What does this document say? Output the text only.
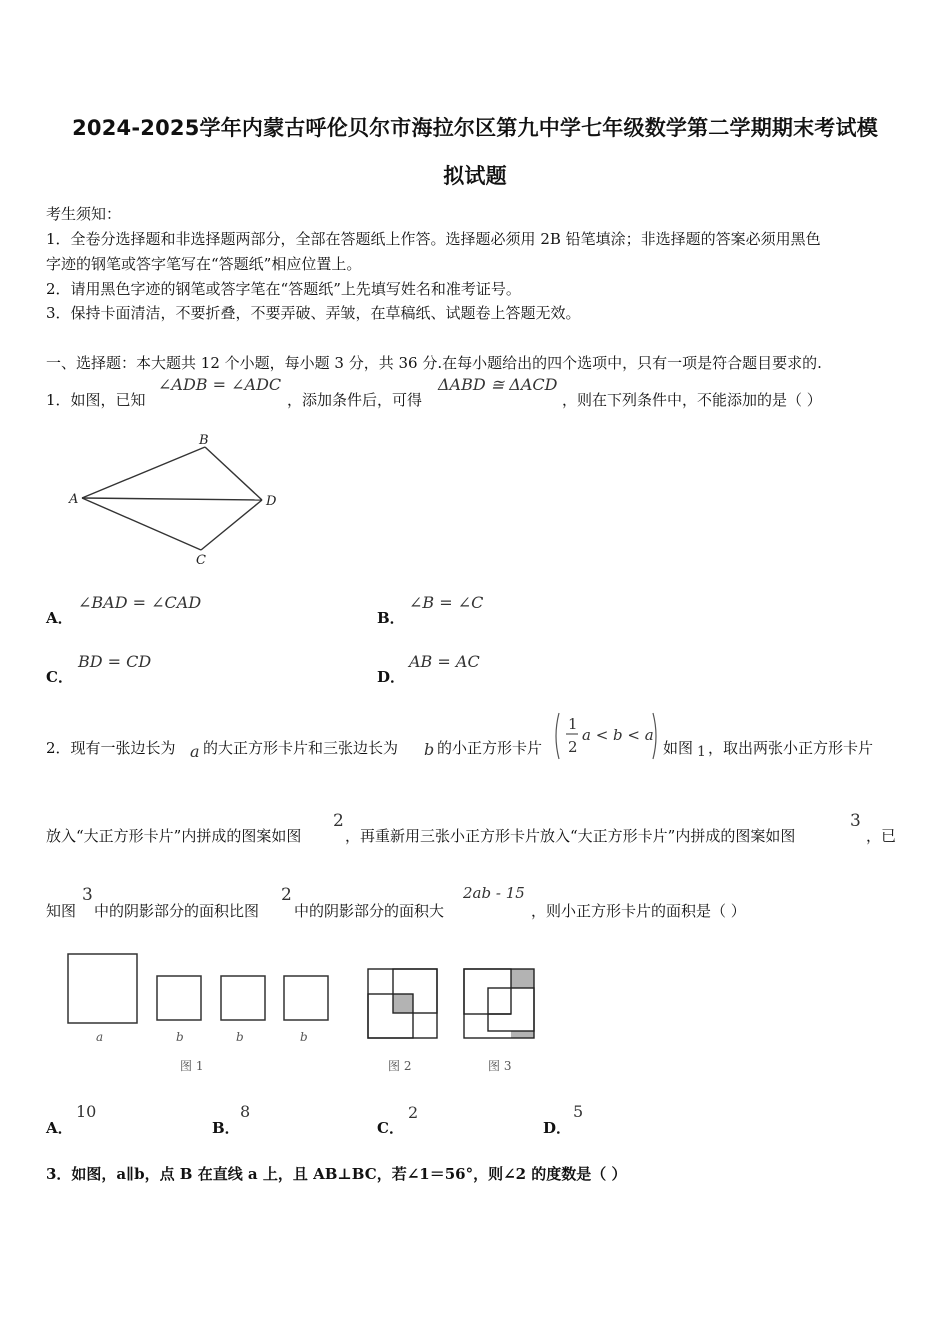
2024-2025学年内蒙古呼伦贝尔市海拉尔区第九中学七年级数学第二学期期末考试模
拟试题
考生须知：
1．全卷分选择题和非选择题两部分，全部在答题纸上作答。选择题必须用 2B 铅笔填涂；非选择题的答案必须用黑色
字迹的钢笔或答字笔写在“答题纸”相应位置上。
2．请用黑色字迹的钢笔或答字笔在“答题纸”上先填写姓名和准考证号。
3．保持卡面清洁，不要折叠，不要弄破、弄皱，在草稿纸、试题卷上答题无效。
一、选择题：本大题共 12 个小题，每小题 3 分，共 36 分.在每小题给出的四个选项中，只有一项是符合题目要求的.
1．如图，已知
∠ADB = ∠ADC
，添加条件后，可得
ΔABD ≅ ΔACD
，则在下列条件中，不能添加的是（ ）
A
B
C
D
A．
∠BAD = ∠CAD
B．
∠B = ∠C
C．
BD = CD
D．
AB = AC
2．现有一张边长为 a 的大正方形卡片和三张边长为 b 的小正方形卡片
1
2
a < b < a
如图 1 ，取出两张小正方形卡片
放入“大正方形卡片”内拼成的图案如图
2
，再重新用三张小正方形卡片放入“大正方形卡片”内拼成的图案如图
3
，已
知图
3
中的阴影部分的面积比图
2
中的阴影部分的面积大
2ab - 15
，则小正方形卡片的面积是（ ）
a	b	b	b
图 1	图 2	图 3
A．
10
B．
8
C．
2
D．
5
3．如图，a∥b，点 B 在直线 a 上，且 AB⊥BC，若∠1＝56°，则∠2 的度数是（ ）
